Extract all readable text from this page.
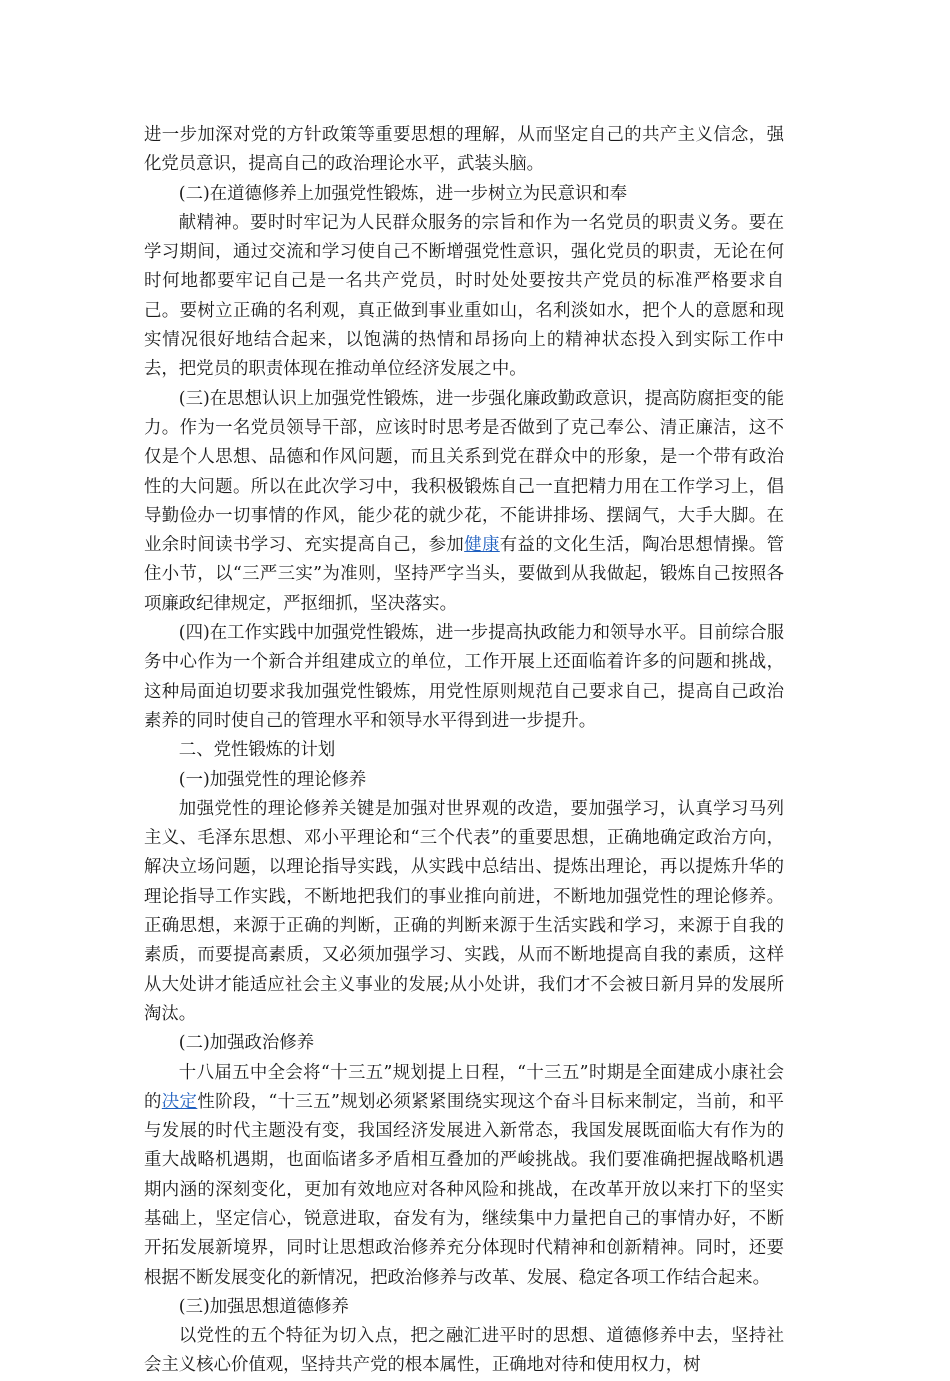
进一步加深对党的方针政策等重要思想的理解，从而坚定自己的共产主义信念，强化党员意识，提高自己的政治理论水平，武装头脑。

(二)在道德修养上加强党性锻炼，进一步树立为民意识和奉

献精神。要时时牢记为人民群众服务的宗旨和作为一名党员的职责义务。要在学习期间，通过交流和学习使自己不断增强党性意识，强化党员的职责，无论在何时何地都要牢记自己是一名共产党员，时时处处要按共产党员的标准严格要求自己。要树立正确的名利观，真正做到事业重如山，名利淡如水，把个人的意愿和现实情况很好地结合起来，以饱满的热情和昂扬向上的精神状态投入到实际工作中去，把党员的职责体现在推动单位经济发展之中。

(三)在思想认识上加强党性锻炼，进一步强化廉政勤政意识，提高防腐拒变的能力。作为一名党员领导干部，应该时时思考是否做到了克己奉公、清正廉洁，这不仅是个人思想、品德和作风问题，而且关系到党在群众中的形象，是一个带有政治性的大问题。所以在此次学习中，我积极锻炼自己一直把精力用在工作学习上，倡导勤俭办一切事情的作风，能少花的就少花，不能讲排场、摆阔气，大手大脚。在业余时间读书学习、充实提高自己，参加健康有益的文化生活，陶冶思想情操。管住小节，以“三严三实”为准则，坚持严字当头，要做到从我做起，锻炼自己按照各项廉政纪律规定，严抠细抓，坚决落实。

(四)在工作实践中加强党性锻炼，进一步提高执政能力和领导水平。目前综合服务中心作为一个新合并组建成立的单位，工作开展上还面临着许多的问题和挑战，这种局面迫切要求我加强党性锻炼，用党性原则规范自己要求自己，提高自己政治素养的同时使自己的管理水平和领导水平得到进一步提升。

二、党性锻炼的计划

(一)加强党性的理论修养

加强党性的理论修养关键是加强对世界观的改造，要加强学习，认真学习马列主义、毛泽东思想、邓小平理论和“三个代表”的重要思想，正确地确定政治方向，解决立场问题，以理论指导实践，从实践中总结出、提炼出理论，再以提炼升华的理论指导工作实践，不断地把我们的事业推向前进，不断地加强党性的理论修养。正确思想，来源于正确的判断，正确的判断来源于生活实践和学习，来源于自我的素质，而要提高素质，又必须加强学习、实践，从而不断地提高自我的素质，这样从大处讲才能适应社会主义事业的发展;从小处讲，我们才不会被日新月异的发展所淘汰。

(二)加强政治修养

十八届五中全会将“十三五”规划提上日程，“十三五”时期是全面建成小康社会的决定性阶段，“十三五”规划必须紧紧围绕实现这个奋斗目标来制定，当前，和平与发展的时代主题没有变，我国经济发展进入新常态，我国发展既面临大有作为的重大战略机遇期，也面临诸多矛盾相互叠加的严峻挑战。我们要准确把握战略机遇期内涵的深刻变化，更加有效地应对各种风险和挑战，在改革开放以来打下的坚实基础上，坚定信心，锐意进取，奋发有为，继续集中力量把自己的事情办好，不断开拓发展新境界，同时让思想政治修养充分体现时代精神和创新精神。同时，还要根据不断发展变化的新情况，把政治修养与改革、发展、稳定各项工作结合起来。

(三)加强思想道德修养

以党性的五个特征为切入点，把之融汇进平时的思想、道德修养中去，坚持社会主义核心价值观，坚持共产党的根本属性，正确地对待和使用权力，树
